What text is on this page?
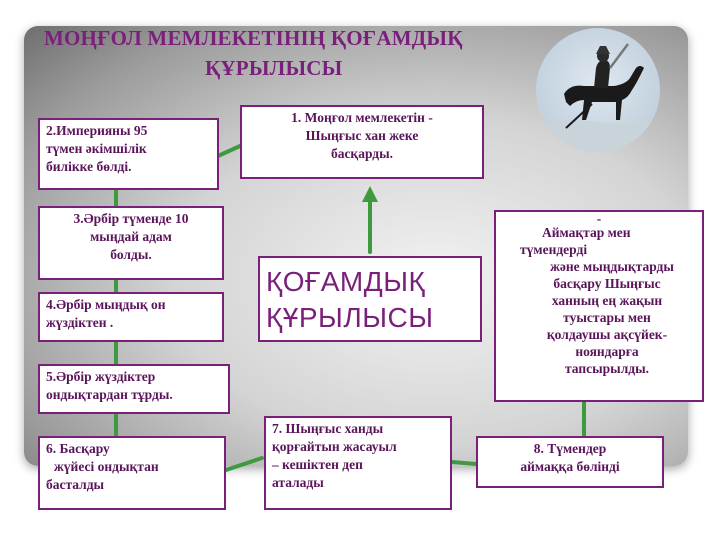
МОҢҒОЛ МЕМЛЕКЕТІНІҢ ҚОҒАМДЫҚ
ҚҰРЫЛЫСЫ
1. Моңғол мемлекетін -
Шыңғыс хан жеке
басқарды.
2.Империяны 95
түмен әкімшілік
билікке бөлді.
3.Әрбір түменде 10
мыңдай адам
болды.
4.Әрбір мыңдық он
жүздіктен .
5.Әрбір жүздіктер
ондықтардан тұрды.
6. Басқару
жүйесі ондықтан
басталды
7. Шыңғыс ханды
қорғайтын жасауыл
– кешіктен деп
аталады
8. Түмендер
аймаққа бөлінді
-
Аймақтар мен
түмендерді
және мыңдықтарды
басқару Шыңғыс
ханның ең жақын
туыстары мен
қолдаушы ақсүйек-
нояндарға
тапсырылды.
ҚОҒАМДЫҚ
ҚҰРЫЛЫСЫ
